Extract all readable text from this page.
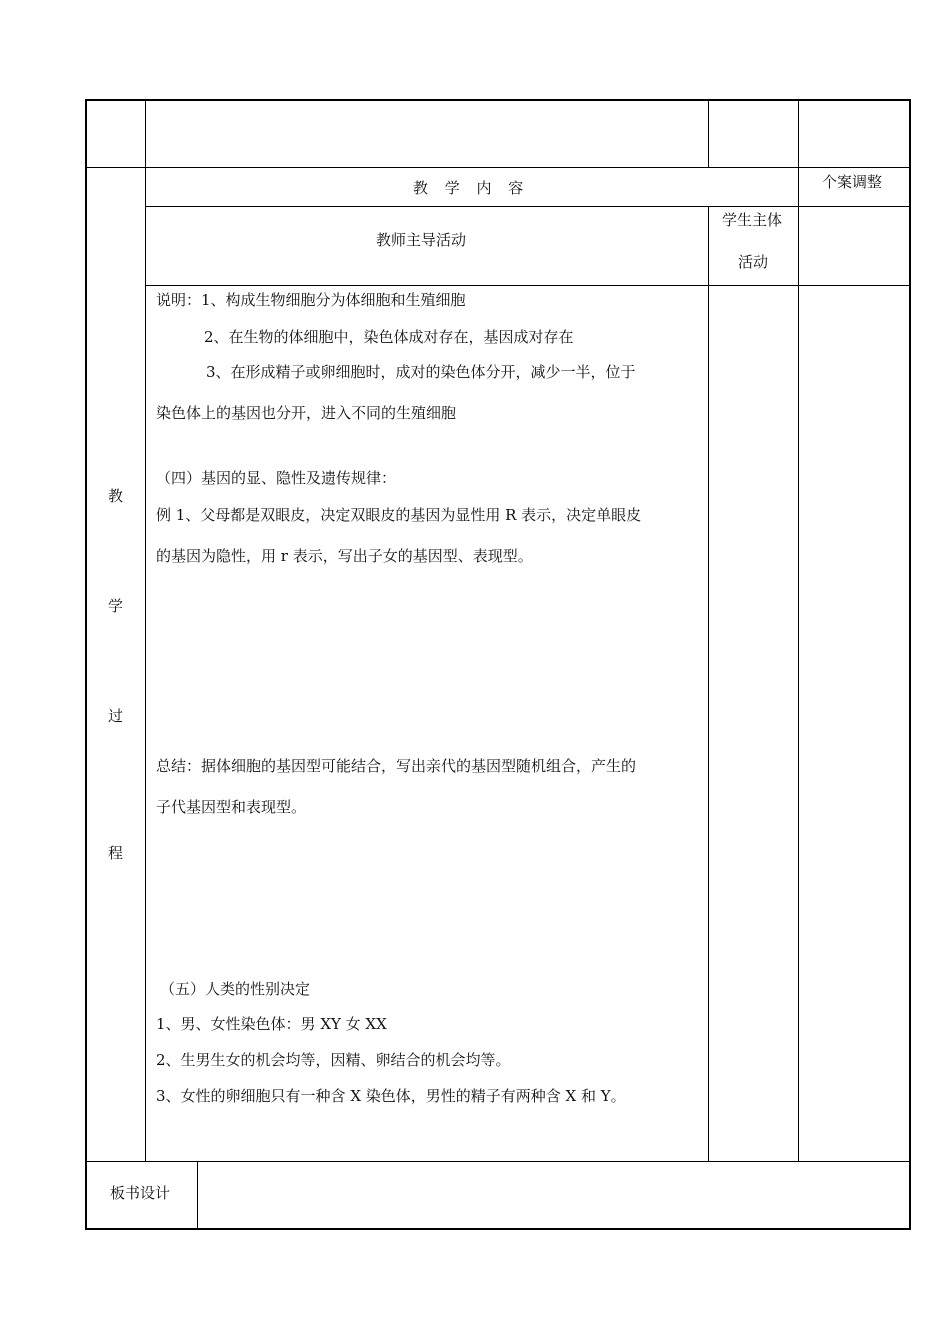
教 学 内 容	个案调整
教师主导活动
学生主体
活动
教
学
过
程
说明：1、构成生物细胞分为体细胞和生殖细胞
2、在生物的体细胞中，染色体成对存在，基因成对存在
3、在形成精子或卵细胞时，成对的染色体分开，减少一半，位于
染色体上的基因也分开，进入不同的生殖细胞
（四）基因的显、隐性及遗传规律：
例 1、父母都是双眼皮，决定双眼皮的基因为显性用 R 表示，决定单眼皮
的基因为隐性，用 r 表示，写出子女的基因型、表现型。
总结：据体细胞的基因型可能结合，写出亲代的基因型随机组合，产生的
子代基因型和表现型。
（五）人类的性别决定
1、男、女性染色体：男 XY 女 XX
2、生男生女的机会均等，因精、卵结合的机会均等。
3、女性的卵细胞只有一种含 X 染色体，男性的精子有两种含 X 和 Y。
板书设计
